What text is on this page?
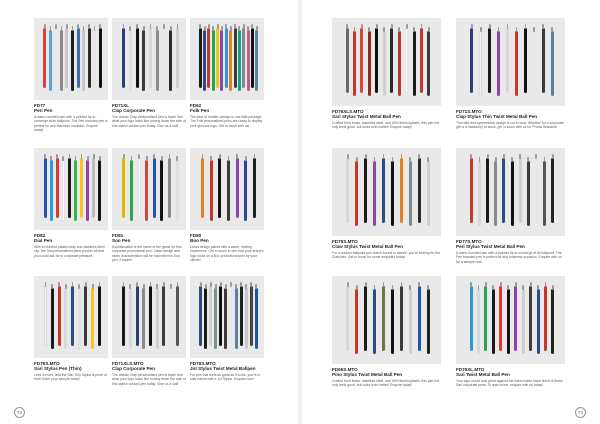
FD77
Peri Pen
A warm rounded pen with a pointed tip to converge at its ballpoint. The Peri rounded pen is perfect for any business occasion. Enquire today!
FD71XL
Clap Corporate Pen
The classic Clap personalised pen is back! See what your logo looks like turning down the side of this stylish custom pen today. Give us a call!
FD62
Folk Pen
The best of modern design in one little package. The Folk personalised pens are ready to display your glorious logo. Get in touch with us!
FD82
Dial Pen
With a rounded plastic body and stainless steel clip, the Dial personalised pens provide all that you could ask for in corporate pleasure.
FD81
Soo Pen
Sophistication is the name of the game for this corporate promotional pen. Clean design and sleek characteristics will be had with this Soo pen. Enquire!
FD80
Boo Pen
Clean design paired with a warm, inviting experience. Get in touch to see how your brand's logo looks on a Boo promotional pen by your clients!
FD76S.MTO
Sari Stylus Pen (Thin)
Less is more, and the Sari Thin Stylus is proof of that! Order your sample today!
FD71XLS.MTO
Clap Corporate Pen
The classic Clap personalised pen is back! See what your logo looks like turning down the side of this stylish custom pen today. Give us a call!
FD76S.MTO
Jot Stylus Twist Metal Ballpen
For pen that feels as great as it looks, you're in safe hands with a Jot Stylus. Enquire now!
FD76XLS.MTO
Sari Stylus Twist Metal Ball Pen
Crafted from brass, stainless steel, and 40% thermoplastic, this pen not only feels good, but looks even better! Enquire today!
FD71S.MTO
Clap Stylus Thin Twist Metal Ball Pen
This slim and symmetrical design is cut to wow. Whether for a corporate gift or a stationery to stock, get in touch with us for Promo Branded!
FD75S.MTO
Claw Stylus Twist Metal Ball Pen
For a custom ballpoint pen that is bound to dazzle, you're looking for the Claw pen. Get in touch for some enquiries today!
FD77S.MTO
Peri Stylus Twist Metal Ball Pen
A warm rounded pen with a pointed tip to converge at its ballpoint. The Peri branded pen is perfect for any business occasion. Enquire with us for a sample now.
FD65S.MTO
Pino Stylus Twist Metal Ball Pen
Crafted from brass, stainless steel, and 40% thermoplastic, this pen not only feels good, but looks even better! Enquire today!
FD76XL.MTO
Sari Twist Metal Ball Pen
Your logo would look great against the warm matte black finish of these Sari corporate pens. To learn more, enquire with us today!
72	73
